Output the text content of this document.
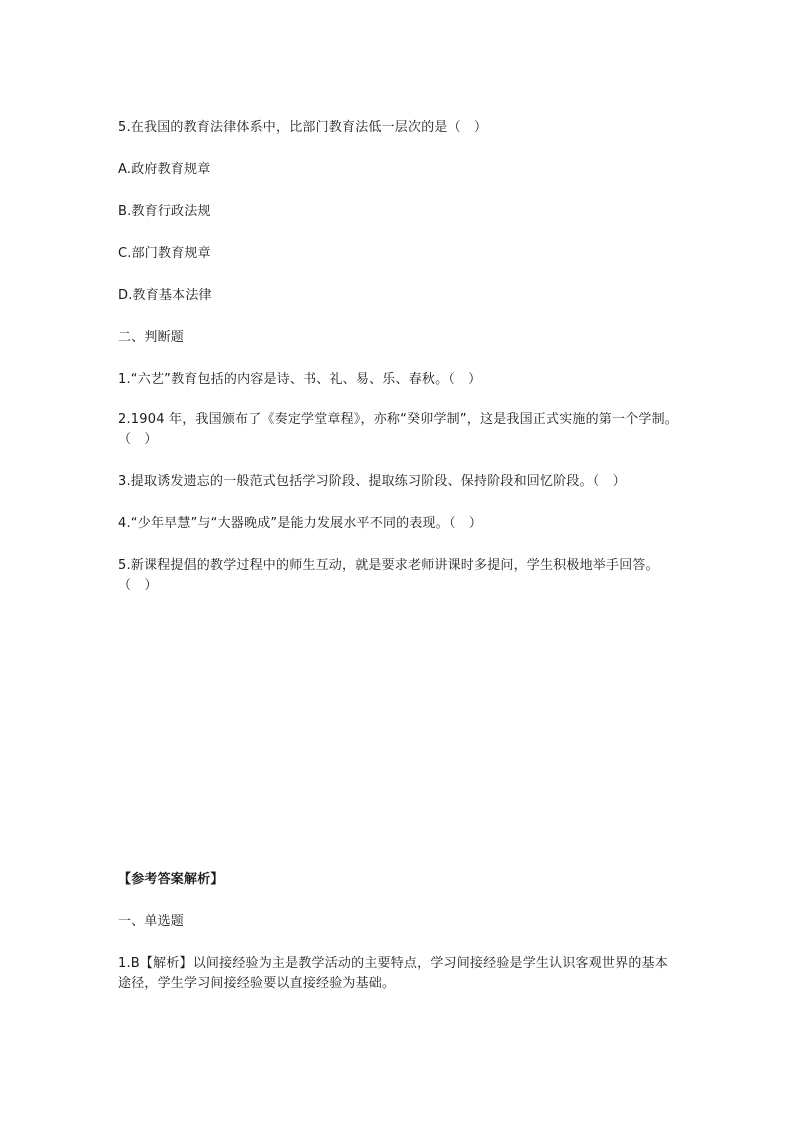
5.在我国的教育法律体系中，比部门教育法低一层次的是（　）
A.政府教育规章
B.教育行政法规
C.部门教育规章
D.教育基本法律
二、判断题
1.“六艺”教育包括的内容是诗、书、礼、易、乐、春秋。（　）
2.1904 年，我国颁布了《奏定学堂章程》，亦称“癸卯学制”，这是我国正式实施的第一个学制。（　）
3.提取诱发遗忘的一般范式包括学习阶段、提取练习阶段、保持阶段和回忆阶段。（　）
4.“少年早慧”与“大器晚成”是能力发展水平不同的表现。（　）
5.新课程提倡的教学过程中的师生互动，就是要求老师讲课时多提问，学生积极地举手回答。（　）
【参考答案解析】
一、单选题
1.B【解析】以间接经验为主是教学活动的主要特点，学习间接经验是学生认识客观世界的基本途径，学生学习间接经验要以直接经验为基础。
